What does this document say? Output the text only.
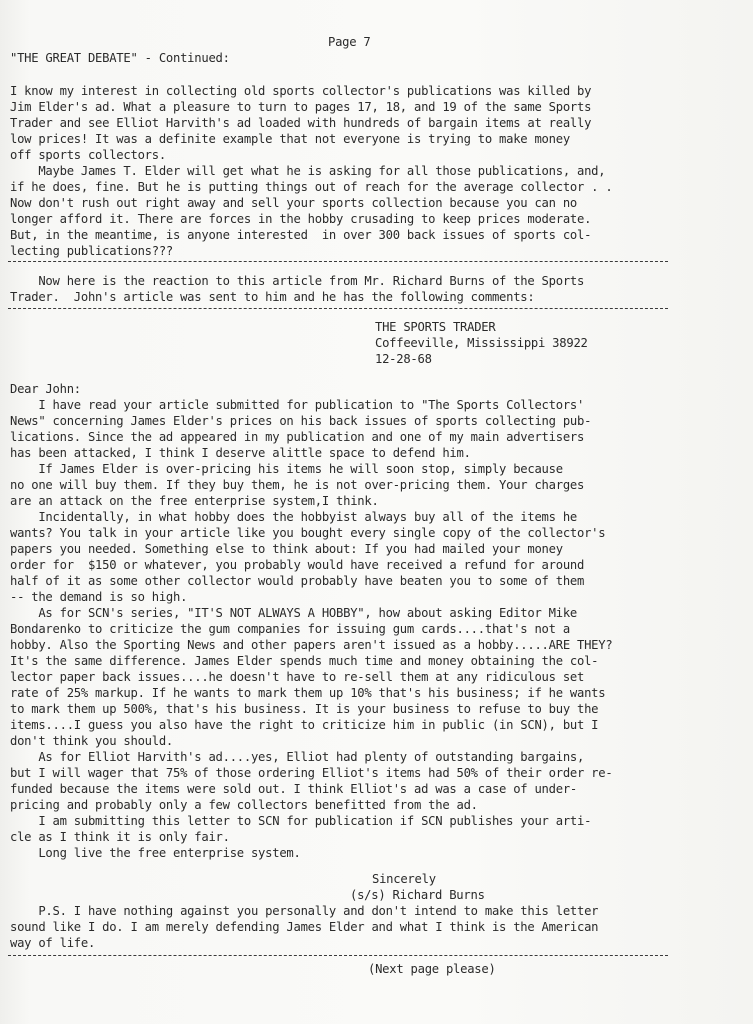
Page 7
"THE GREAT DEBATE" - Continued:
I know my interest in collecting old sports collector's publications was killed by
Jim Elder's ad. What a pleasure to turn to pages 17, 18, and 19 of the same Sports
Trader and see Elliot Harvith's ad loaded with hundreds of bargain items at really
low prices! It was a definite example that not everyone is trying to make money
off sports collectors.
Maybe James T. Elder will get what he is asking for all those publications, and,
if he does, fine. But he is putting things out of reach for the average collector . .
Now don't rush out right away and sell your sports collection because you can no
longer afford it. There are forces in the hobby crusading to keep prices moderate.
But, in the meantime, is anyone interested  in over 300 back issues of sports col-
lecting publications???
Now here is the reaction to this article from Mr. Richard Burns of the Sports
Trader.  John's article was sent to him and he has the following comments:
THE SPORTS TRADER
Coffeeville, Mississippi 38922
12-28-68
Dear John:
I have read your article submitted for publication to "The Sports Collectors'
News" concerning James Elder's prices on his back issues of sports collecting pub-
lications. Since the ad appeared in my publication and one of my main advertisers
has been attacked, I think I deserve alittle space to defend him.
If James Elder is over-pricing his items he will soon stop, simply because
no one will buy them. If they buy them, he is not over-pricing them. Your charges
are an attack on the free enterprise system,I think.
Incidentally, in what hobby does the hobbyist always buy all of the items he
wants? You talk in your article like you bought every single copy of the collector's
papers you needed. Something else to think about: If you had mailed your money
order for  $150 or whatever, you probably would have received a refund for around
half of it as some other collector would probably have beaten you to some of them
-- the demand is so high.
As for SCN's series, "IT'S NOT ALWAYS A HOBBY", how about asking Editor Mike
Bondarenko to criticize the gum companies for issuing gum cards....that's not a
hobby. Also the Sporting News and other papers aren't issued as a hobby.....ARE THEY?
It's the same difference. James Elder spends much time and money obtaining the col-
lector paper back issues....he doesn't have to re-sell them at any ridiculous set
rate of 25% markup. If he wants to mark them up 10% that's his business; if he wants
to mark them up 500%, that's his business. It is your business to refuse to buy the
items....I guess you also have the right to criticize him in public (in SCN), but I
don't think you should.
As for Elliot Harvith's ad....yes, Elliot had plenty of outstanding bargains,
but I will wager that 75% of those ordering Elliot's items had 50% of their order re-
funded because the items were sold out. I think Elliot's ad was a case of under-
pricing and probably only a few collectors benefitted from the ad.
I am submitting this letter to SCN for publication if SCN publishes your arti-
cle as I think it is only fair.
Long live the free enterprise system.
Sincerely
(s/s) Richard Burns
P.S. I have nothing against you personally and don't intend to make this letter
sound like I do. I am merely defending James Elder and what I think is the American
way of life.
(Next page please)
